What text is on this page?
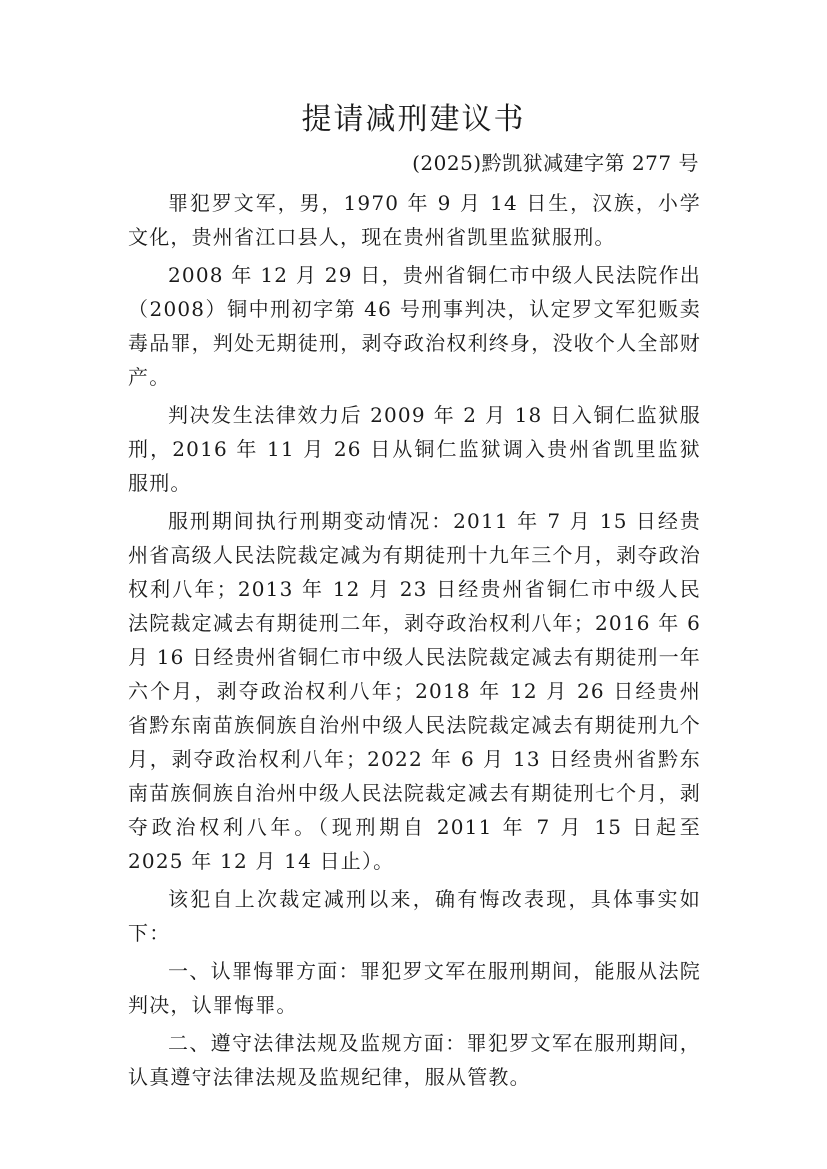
提请减刑建议书
(2025)黔凯狱减建字第 277 号

罪犯罗文军，男，1970 年 9 月 14 日生，汉族，小学文化，贵州省江口县人，现在贵州省凯里监狱服刑。

2008 年 12 月 29 日，贵州省铜仁市中级人民法院作出（2008）铜中刑初字第 46 号刑事判决，认定罗文军犯贩卖毒品罪，判处无期徒刑，剥夺政治权利终身，没收个人全部财产。

判决发生法律效力后 2009 年 2 月 18 日入铜仁监狱服刑，2016 年 11 月 26 日从铜仁监狱调入贵州省凯里监狱服刑。

服刑期间执行刑期变动情况：2011 年 7 月 15 日经贵州省高级人民法院裁定减为有期徒刑十九年三个月，剥夺政治权利八年；2013 年 12 月 23 日经贵州省铜仁市中级人民法院裁定减去有期徒刑二年，剥夺政治权利八年；2016 年 6 月 16 日经贵州省铜仁市中级人民法院裁定减去有期徒刑一年六个月，剥夺政治权利八年；2018 年 12 月 26 日经贵州省黔东南苗族侗族自治州中级人民法院裁定减去有期徒刑九个月，剥夺政治权利八年；2022 年 6 月 13 日经贵州省黔东南苗族侗族自治州中级人民法院裁定减去有期徒刑七个月，剥夺政治权利八年。（现刑期自 2011 年 7 月 15 日起至 2025 年 12 月 14 日止）。

该犯自上次裁定减刑以来，确有悔改表现，具体事实如下：

一、认罪悔罪方面：罪犯罗文军在服刑期间，能服从法院判决，认罪悔罪。

二、遵守法律法规及监规方面：罪犯罗文军在服刑期间，认真遵守法律法规及监规纪律，服从管教。
